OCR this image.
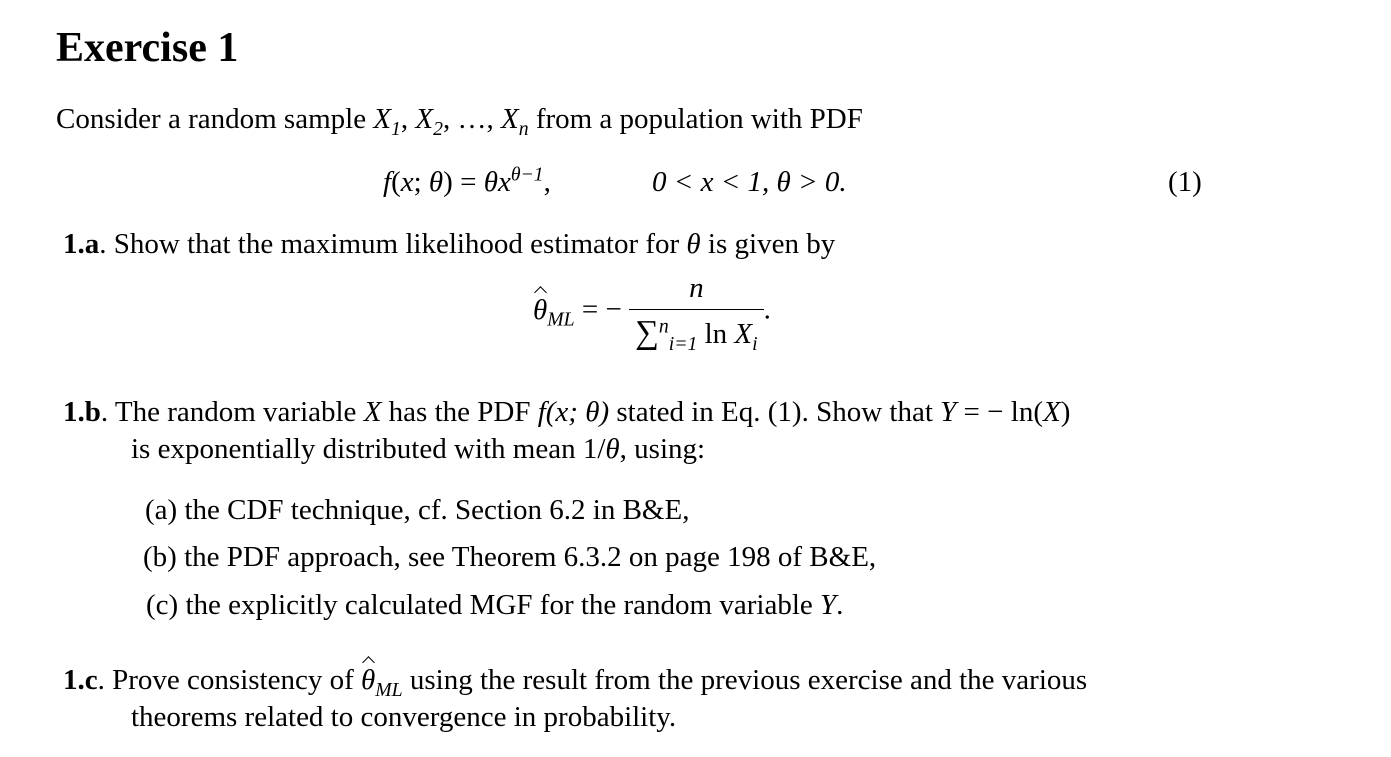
Exercise 1
Consider a random sample $X_1$, $X_2$, …, $X_n$ from a population with PDF
f(x; $\theta) = \theta x^{\theta-1}$,	0 < x < 1, θ > 0.	(1)
1.a. Show that the maximum likelihood estimator for θ is given by
$\theta_{ML}$ = − $\frac{n}{\sum^n_{i=1} \ln X_i}$ .
1.b. The random variable X has the PDF f(x; θ) stated in Eq. (1). Show that Y = − ln(X)
is exponentially distributed with mean 1/θ, using:
(a) the CDF technique, cf. Section 6.2 in B&E,
(b) the PDF approach, see Theorem 6.3.2 on page 198 of B&E,
(c) the explicitly calculated MGF for the random variable Y.
1.c. Prove consistency of $\theta_{ML}$ using the result from the previous exercise and the various
theorems related to convergence in probability.
